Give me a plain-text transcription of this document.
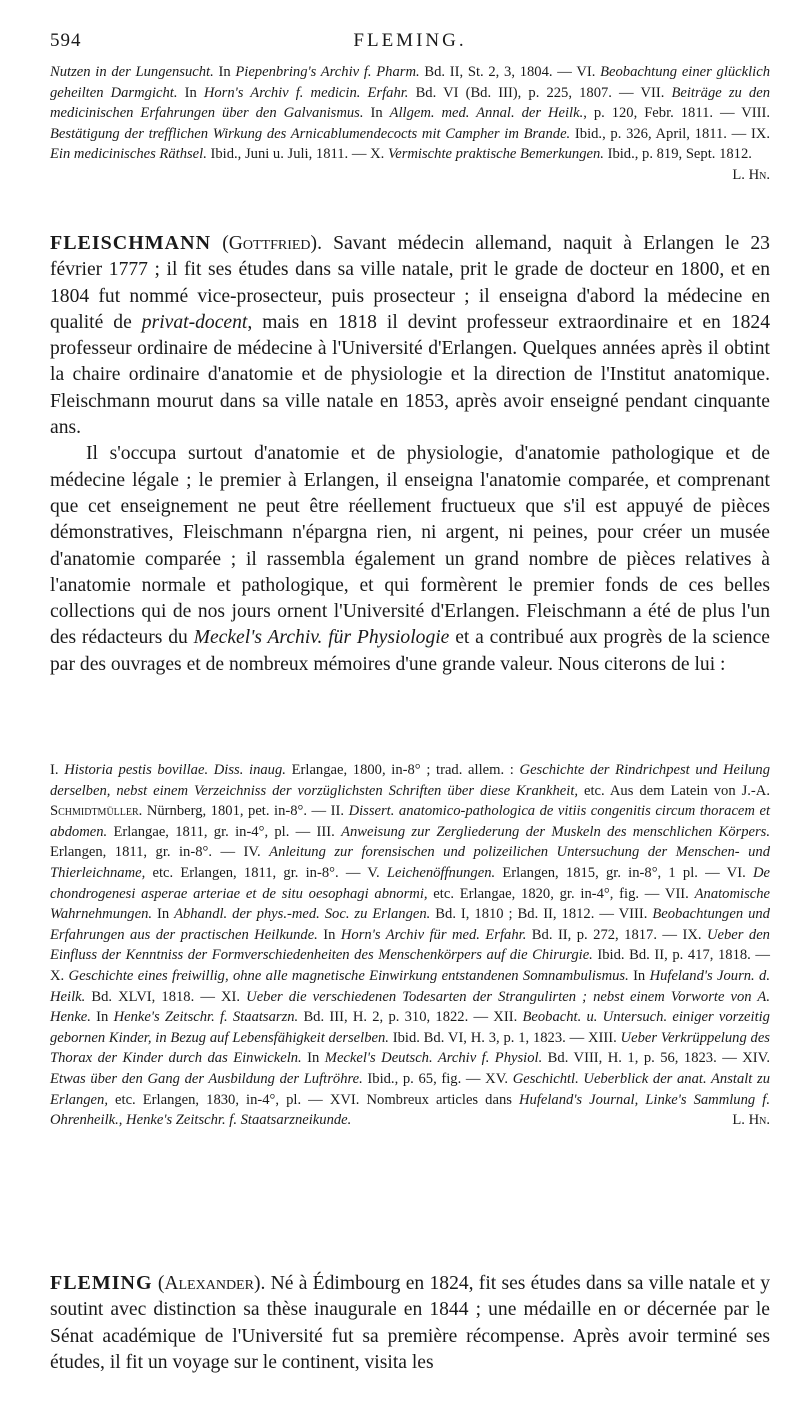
594	FLEMING.
Nutzen in der Lungensucht. In Piepenbring's Archiv f. Pharm. Bd. II, St. 2, 3, 1804. — VI. Beobachtung einer glücklich geheilten Darmgicht. In Horn's Archiv f. medicin. Erfahr. Bd. VI (Bd. III), p. 225, 1807. — VII. Beiträge zu den medicinischen Erfahrungen über den Galvanismus. In Allgem. med. Annal. der Heilk., p. 120, Febr. 1811. — VIII. Bestätigung der trefflichen Wirkung des Arnicablumendecocts mit Campher im Brande. Ibid., p. 326, April, 1811. — IX. Ein medicinisches Räthsel. Ibid., Juni u. Juli, 1811. — X. Vermischte praktische Bemerkungen. Ibid., p. 819, Sept. 1812.
L. Hn.

FLEISCHMANN (Gottfried). Savant médecin allemand, naquit à Erlangen le 23 février 1777 ; il fit ses études dans sa ville natale, prit le grade de docteur en 1800, et en 1804 fut nommé vice-prosecteur, puis prosecteur ; il enseigna d'abord la médecine en qualité de privat-docent, mais en 1818 il devint professeur extraordinaire et en 1824 professeur ordinaire de médecine à l'Université d'Erlangen. Quelques années après il obtint la chaire ordinaire d'anatomie et de physiologie et la direction de l'Institut anatomique. Fleischmann mourut dans sa ville natale en 1853, après avoir enseigné pendant cinquante ans.

Il s'occupa surtout d'anatomie et de physiologie, d'anatomie pathologique et de médecine légale ; le premier à Erlangen, il enseigna l'anatomie comparée, et comprenant que cet enseignement ne peut être réellement fructueux que s'il est appuyé de pièces démonstratives, Fleischmann n'épargna rien, ni argent, ni peines, pour créer un musée d'anatomie comparée ; il rassembla également un grand nombre de pièces relatives à l'anatomie normale et pathologique, et qui formèrent le premier fonds de ces belles collections qui de nos jours ornent l'Université d'Erlangen. Fleischmann a été de plus l'un des rédacteurs du Meckel's Archiv. für Physiologie et a contribué aux progrès de la science par des ouvrages et de nombreux mémoires d'une grande valeur. Nous citerons de lui :

I. Historia pestis bovillae. Diss. inaug. Erlangae, 1800, in-8° ; trad. allem. : Geschichte der Rindrichpest und Heilung derselben, nebst einem Verzeichniss der vorzüglichsten Schriften über diese Krankheit, etc. Aus dem Latein von J.-A. Schmidtmüller. Nürnberg, 1801, pet. in-8°. — II. Dissert. anatomico-pathologica de vitiis congenitis circum thoracem et abdomen. Erlangae, 1811, gr. in-4°, pl. — III. Anweisung zur Zergliederung der Muskeln des menschlichen Körpers. Erlangen, 1811, gr. in-8°. — IV. Anleitung zur forensischen und polizeilichen Untersuchung der Menschen- und Thierleichname, etc. Erlangen, 1811, gr. in-8°. — V. Leichenöffnungen. Erlangen, 1815, gr. in-8°, 1 pl. — VI. De chondrogenesi asperae arteriae et de situ oesophagi abnormi, etc. Erlangae, 1820, gr. in-4°, fig. — VII. Anatomische Wahrnehmungen. In Abhandl. der phys.-med. Soc. zu Erlangen. Bd. I, 1810 ; Bd. II, 1812. — VIII. Beobachtungen und Erfahrungen aus der practischen Heilkunde. In Horn's Archiv für med. Erfahr. Bd. II, p. 272, 1817. — IX. Ueber den Einfluss der Kenntniss der Formverschiedenheiten des Menschenkörpers auf die Chirurgie. Ibid. Bd. II, p. 417, 1818. — X. Geschichte eines freiwillig, ohne alle magnetische Einwirkung entstandenen Somnambulismus. In Hufeland's Journ. d. Heilk. Bd. XLVI, 1818. — XI. Ueber die verschiedenen Todesarten der Strangulirten ; nebst einem Vorworte von A. Henke. In Henke's Zeitschr. f. Staatsarzn. Bd. III, H. 2, p. 310, 1822. — XII. Beobacht. u. Untersuch. einiger vorzeitig gebornen Kinder, in Bezug auf Lebensfähigkeit derselben. Ibid. Bd. VI, H. 3, p. 1, 1823. — XIII. Ueber Verkrüppelung des Thorax der Kinder durch das Einwickeln. In Meckel's Deutsch. Archiv f. Physiol. Bd. VIII, H. 1, p. 56, 1823. — XIV. Etwas über den Gang der Ausbildung der Luftröhre. Ibid., p. 65, fig. — XV. Geschichtl. Ueberblick der anat. Anstalt zu Erlangen, etc. Erlangen, 1830, in-4°, pl. — XVI. Nombreux articles dans Hufeland's Journal, Linke's Sammlung f. Ohrenheilk., Henke's Zeitschr. f. Staatsarzneikunde.	L. Hn.
FLEMING (Alexander). Né à Édimbourg en 1824, fit ses études dans sa ville natale et y soutint avec distinction sa thèse inaugurale en 1844 ; une médaille en or décernée par le Sénat académique de l'Université fut sa première récompense. Après avoir terminé ses études, il fit un voyage sur le continent, visita les
